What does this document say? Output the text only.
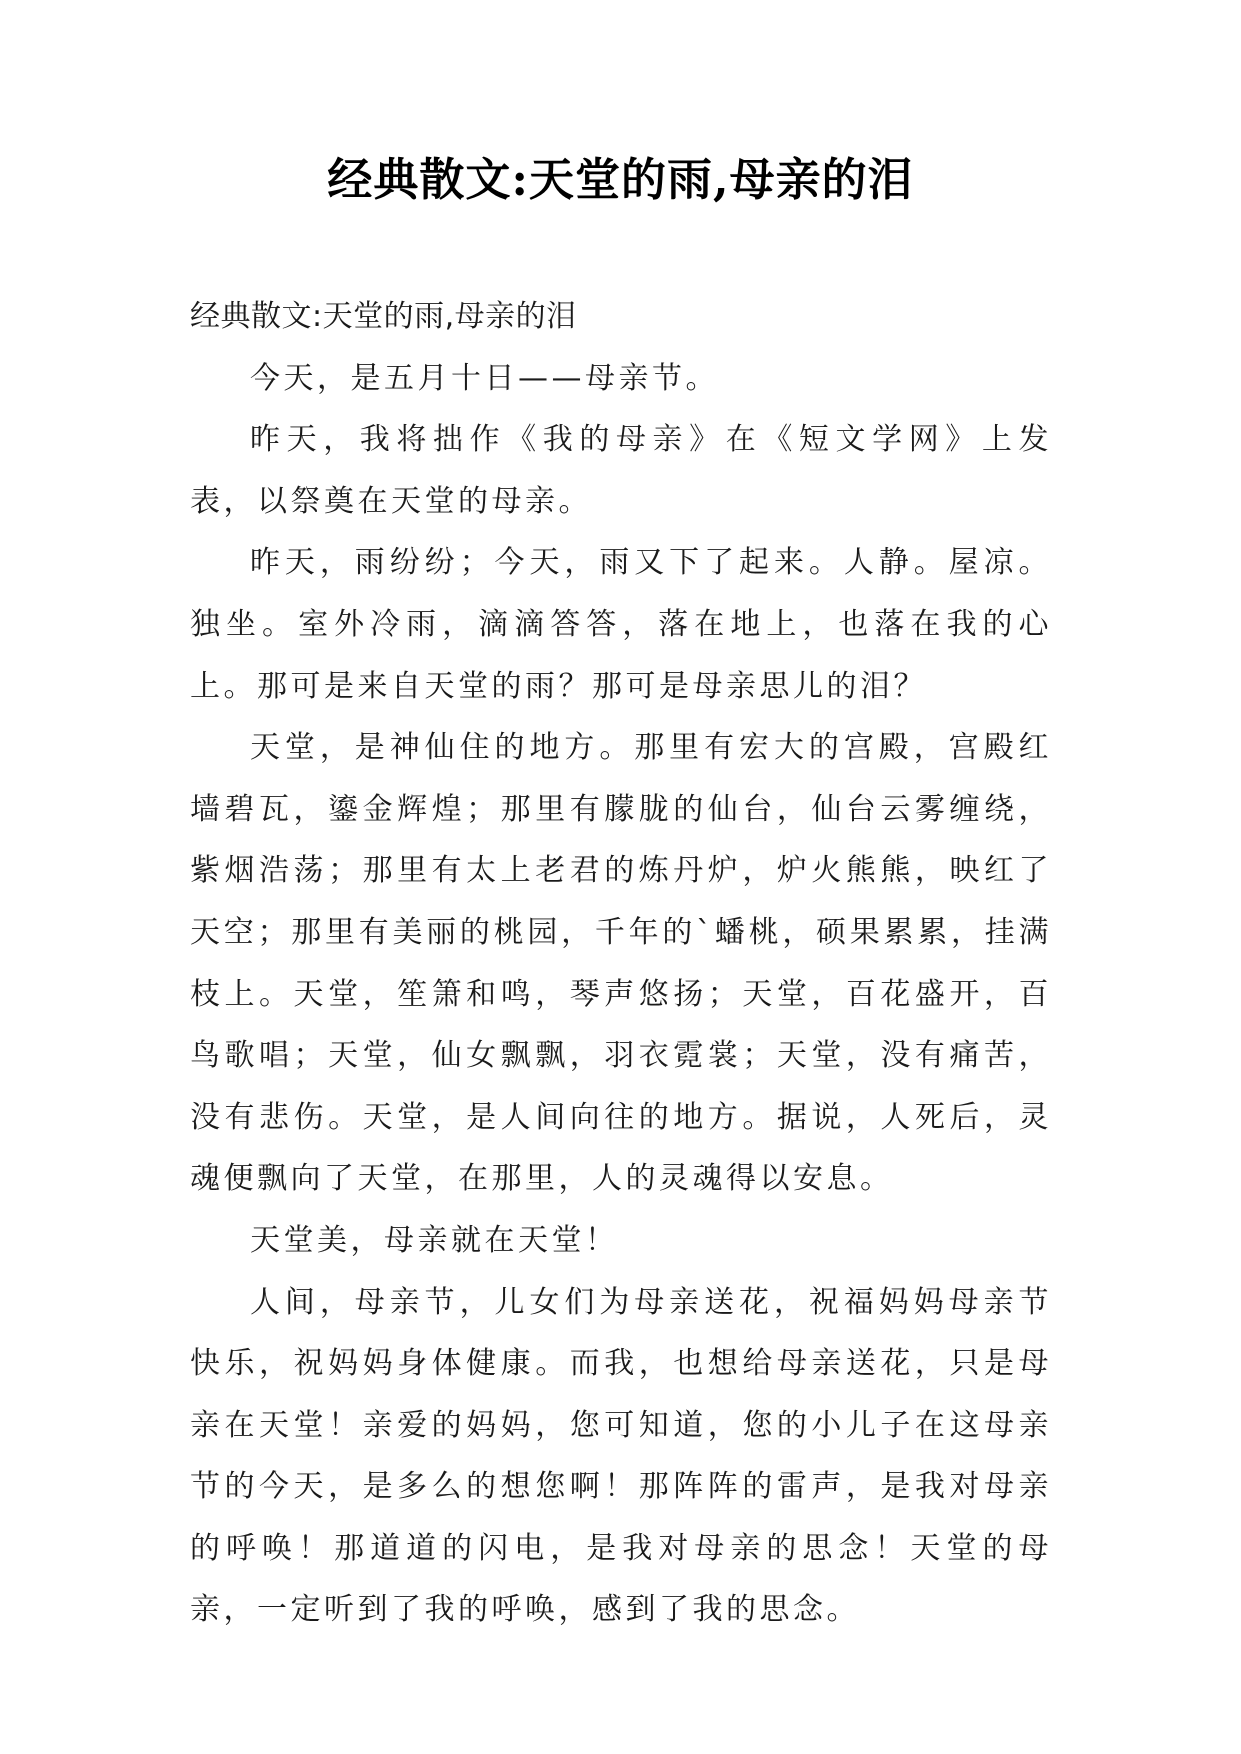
经典散文:天堂的雨,母亲的泪

经典散文:天堂的雨,母亲的泪

今天，是五月十日——母亲节。

昨天，我将拙作《我的母亲》在《短文学网》上发表，以祭奠在天堂的母亲。

昨天，雨纷纷；今天，雨又下了起来。人静。屋凉。独坐。室外冷雨，滴滴答答，落在地上，也落在我的心上。那可是来自天堂的雨？那可是母亲思儿的泪？

天堂，是神仙住的地方。那里有宏大的宫殿，宫殿红墙碧瓦，鎏金辉煌；那里有朦胧的仙台，仙台云雾缠绕，紫烟浩荡；那里有太上老君的炼丹炉，炉火熊熊，映红了天空；那里有美丽的桃园，千年的`蟠桃，硕果累累，挂满枝上。天堂，笙箫和鸣，琴声悠扬；天堂，百花盛开，百鸟歌唱；天堂，仙女飘飘，羽衣霓裳；天堂，没有痛苦，没有悲伤。天堂，是人间向往的地方。据说，人死后，灵魂便飘向了天堂，在那里，人的灵魂得以安息。

天堂美，母亲就在天堂！

人间，母亲节，儿女们为母亲送花，祝福妈妈母亲节快乐，祝妈妈身体健康。而我，也想给母亲送花，只是母亲在天堂！亲爱的妈妈，您可知道，您的小儿子在这母亲节的今天，是多么的想您啊！那阵阵的雷声，是我对母亲的呼唤！那道道的闪电，是我对母亲的思念！天堂的母亲，一定听到了我的呼唤，感到了我的思念。
